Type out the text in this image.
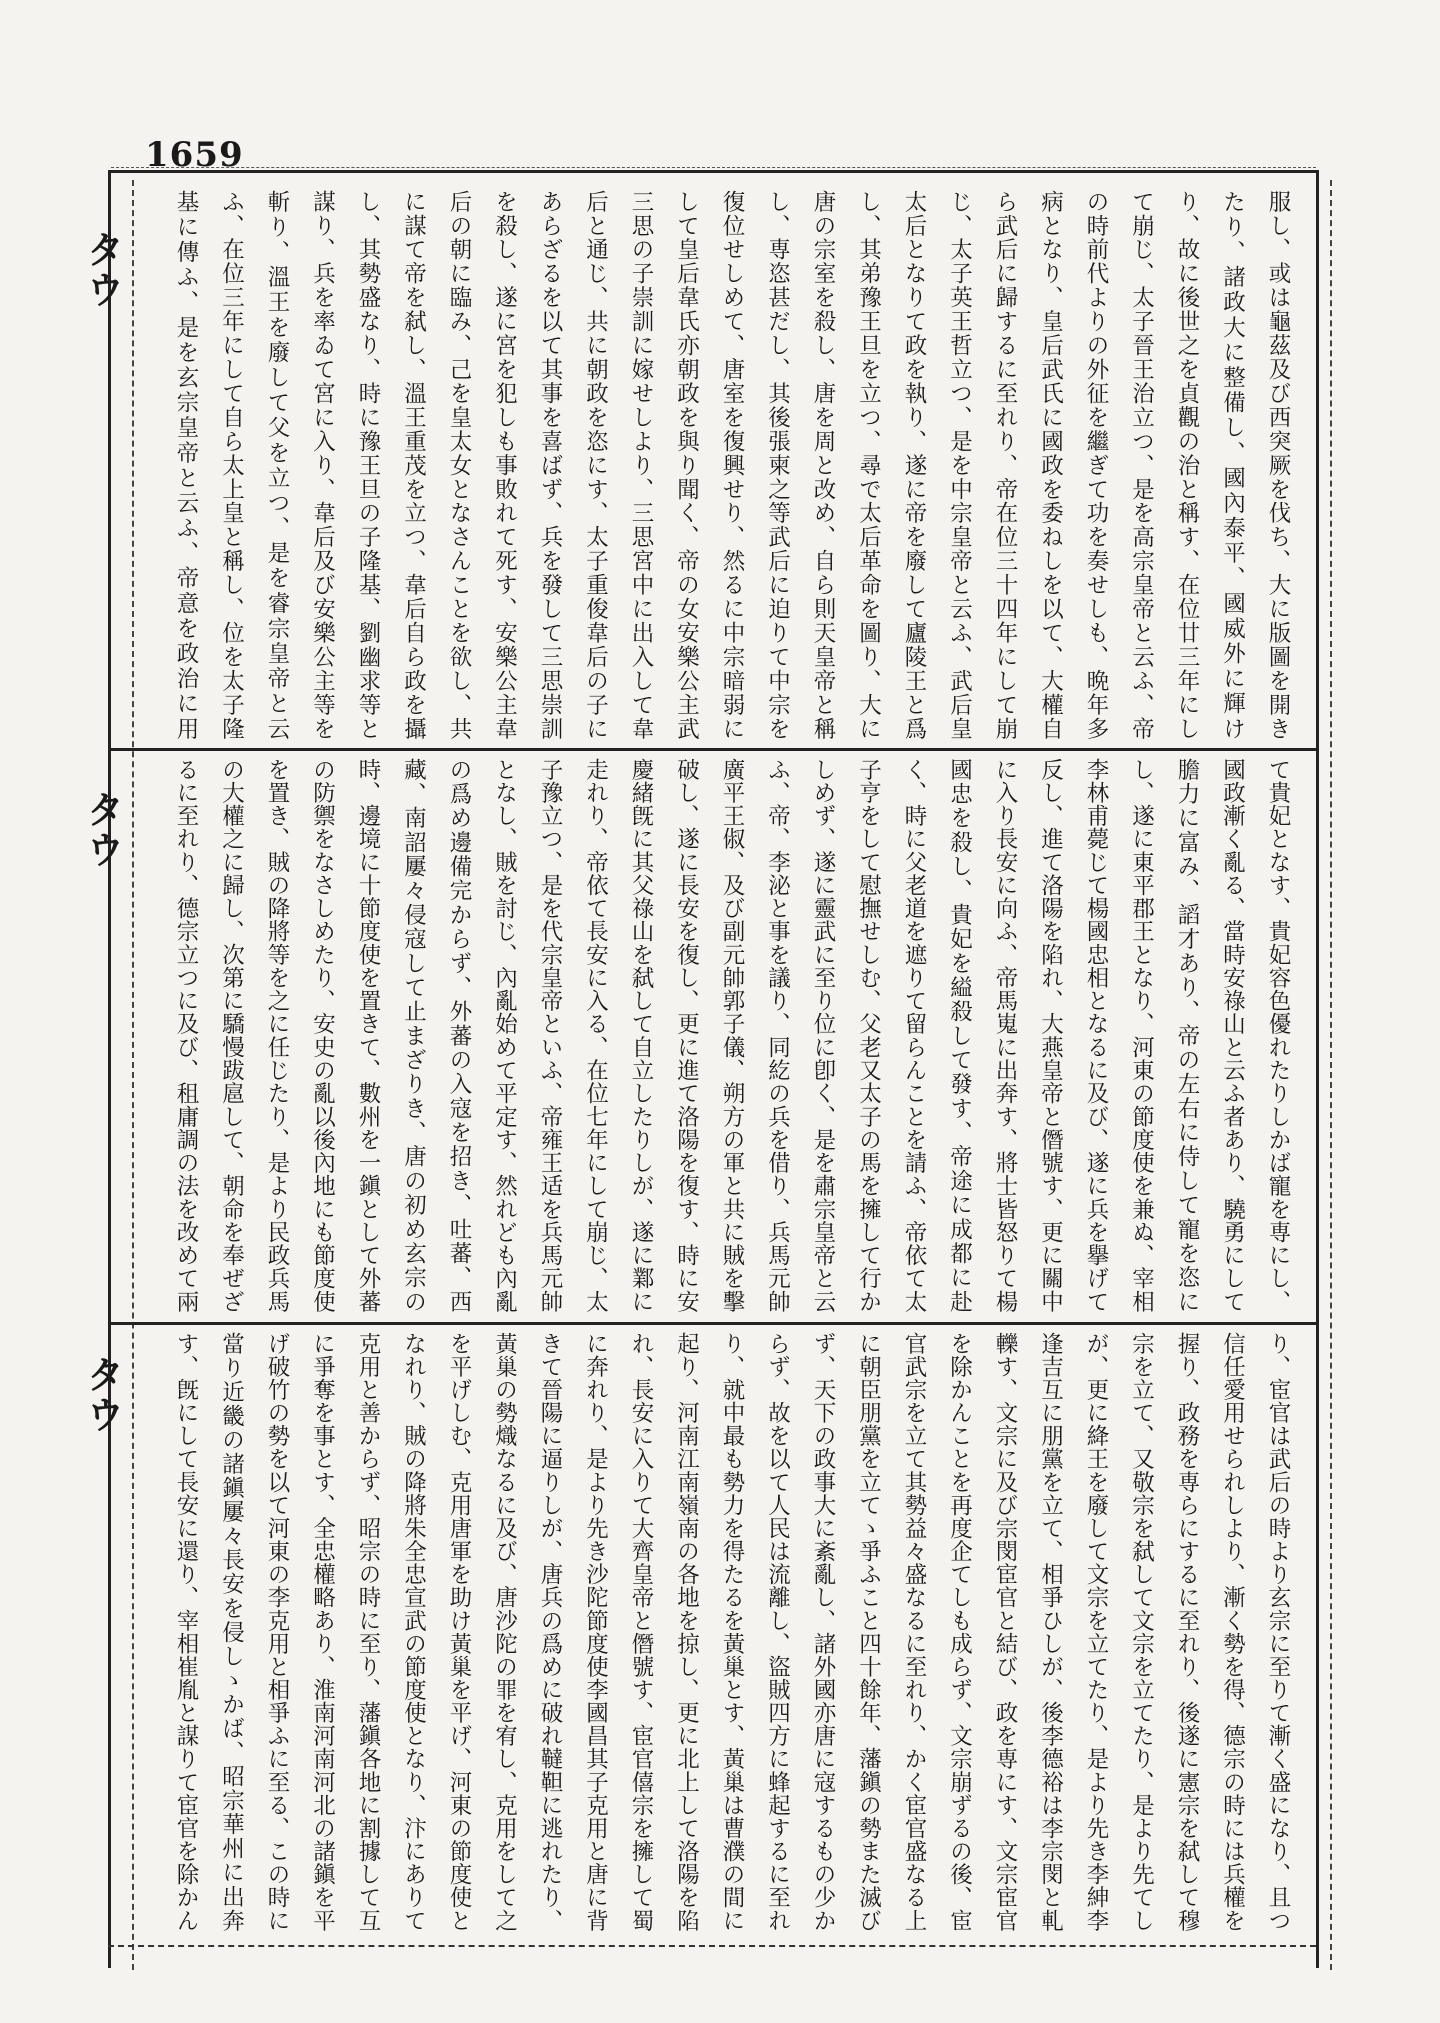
1659
タウ
タウ
タウ
服し、或は龜茲及び西突厥を伐ち、大に版圖を開きたり、諸政大に整備し、國內泰平、國威外に輝けり、故に後世之を貞觀の治と稱す、在位廿三年にして崩じ、太子晉王治立つ、是を高宗皇帝と云ふ、帝の時前代よりの外征を繼ぎて功を奏せしも、晩年多病となり、皇后武氏に國政を委ねしを以て、大權自ら武后に歸するに至れり、帝在位三十四年にして崩じ、太子英王哲立つ、是を中宗皇帝と云ふ、武后皇太后となりて政を執り、遂に帝を廢して廬陵王と爲し、其弟豫王旦を立つ、尋で太后革命を圖り、大に唐の宗室を殺し、唐を周と改め、自ら則天皇帝と稱し、専恣甚だし、其後張柬之等武后に迫りて中宗を復位せしめて、唐室を復興せり、然るに中宗暗弱にして皇后韋氏亦朝政を與り聞く、帝の女安樂公主武三思の子崇訓に嫁せしより、三思宮中に出入して韋后と通じ、共に朝政を恣にす、太子重俊韋后の子にあらざるを以て其事を喜ばず、兵を發して三思崇訓を殺し、遂に宮を犯しも事敗れて死す、安樂公主韋后の朝に臨み、己を皇太女となさんことを欲し、共に謀て帝を弑し、溫王重茂を立つ、韋后自ら政を攝し、其勢盛なり、時に豫王旦の子隆基、劉幽求等と謀り、兵を率ゐて宮に入り、韋后及び安樂公主等を斬り、溫王を廢して父を立つ、是を睿宗皇帝と云ふ、在位三年にして自ら太上皇と稱し、位を太子隆基に傳ふ、是を玄宗皇帝と云ふ、帝意を政治に用
て貴妃となす、貴妃容色優れたりしかば寵を専にし、國政漸く亂る、當時安祿山と云ふ者あり、驍勇にして膽力に富み、謟才あり、帝の左右に侍して寵を恣にし、遂に東平郡王となり、河東の節度使を兼ぬ、宰相李林甫薨じて楊國忠相となるに及び、遂に兵を擧げて反し、進て洛陽を陷れ、大燕皇帝と僭號す、更に關中に入り長安に向ふ、帝馬嵬に出奔す、將士皆怒りて楊國忠を殺し、貴妃を縊殺して發す、帝途に成都に赴く、時に父老道を遮りて留らんことを請ふ、帝依て太子亨をして慰撫せしむ、父老又太子の馬を擁して行かしめず、遂に靈武に至り位に卽く、是を肅宗皇帝と云ふ、帝、李泌と事を議り、同紇の兵を借り、兵馬元帥廣平王俶、及び副元帥郭子儀、朔方の軍と共に賊を擊破し、遂に長安を復し、更に進て洛陽を復す、時に安慶緒旣に其父祿山を弑して自立したりしが、遂に鄴に走れり、帝依て長安に入る、在位七年にして崩じ、太子豫立つ、是を代宗皇帝といふ、帝雍王适を兵馬元帥となし、賊を討じ、內亂始めて平定す、然れども內亂の爲め邊備完からず、外蕃の入寇を招き、吐蕃、西藏、南詔屢々侵寇して止まざりき、唐の初め玄宗の時、邊境に十節度使を置きて、數州を一鎭として外蕃の防禦をなさしめたり、安史の亂以後內地にも節度使を置き、賊の降將等を之に任じたり、是より民政兵馬の大權之に歸し、次第に驕慢跋扈して、朝命を奉ぜざるに至れり、德宗立つに及び、租庸調の法を改めて兩
り、宦官は武后の時より玄宗に至りて漸く盛になり、且つ信任愛用せられしより、漸く勢を得、德宗の時には兵權を握り、政務を専らにするに至れり、後遂に憲宗を弑して穆宗を立て、又敬宗を弑して文宗を立てたり、是より先てしが、更に絳王を廢して文宗を立てたり、是より先き李紳李逢吉互に朋黨を立て、相爭ひしが、後李德裕は李宗閔と軋轢す、文宗に及び宗閔宦官と結び、政を専にす、文宗宦官を除かんことを再度企てしも成らず、文宗崩ずるの後、宦官武宗を立て其勢益々盛なるに至れり、かく宦官盛なる上に朝臣朋黨を立てゝ爭ふこと四十餘年、藩鎭の勢また滅びず、天下の政事大に紊亂し、諸外國亦唐に寇するもの少からず、故を以て人民は流離し、盜賊四方に蜂起するに至れり、就中最も勢力を得たるを黃巢とす、黃巢は曹濮の間に起り、河南江南嶺南の各地を掠し、更に北上して洛陽を陷れ、長安に入りて大齊皇帝と僭號す、宦官僖宗を擁して蜀に奔れり、是より先き沙陀節度使李國昌其子克用と唐に背きて晉陽に逼りしが、唐兵の爲めに破れ韃靼に逃れたり、黃巢の勢熾なるに及び、唐沙陀の罪を宥し、克用をして之を平げしむ、克用唐軍を助け黃巢を平げ、河東の節度使となれり、賊の降將朱全忠宣武の節度使となり、汴にありて克用と善からず、昭宗の時に至り、藩鎭各地に割據して互に爭奪を事とす、全忠權略あり、淮南河南河北の諸鎭を平げ破竹の勢を以て河東の李克用と相爭ふに至る、この時に當り近畿の諸鎭屢々長安を侵しゝかば、昭宗華州に出奔す、旣にして長安に還り、宰相崔胤と謀りて宦官を除かん
